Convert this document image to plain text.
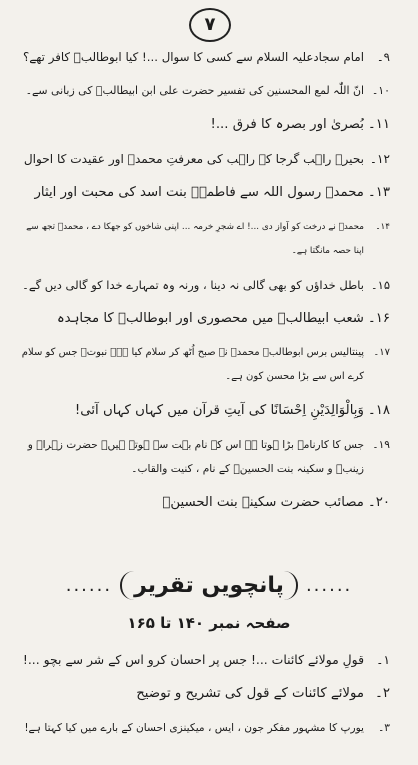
۷
۹۔امام سجادعلیہ السلام سے کسی کا سوال ...! کیا ابوطالبؑ کافر تھے؟
۱۰۔انّ اللّٰہ لمع المحسنین کی تفسیر حضرت علی ابن ابیطالبؑ کی زبانی سے۔
۱۱۔بُصریٰ اور بصرہ کا فرق ...!
۱۲۔بحیرہ راہب گرجا کے راہب کی معرفتِ محمدؐ اور عقیدت کا احوال
۱۳۔محمدؐ رسول اللہ سے فاطمہؑ بنت اسد کی محبت اور ایثار
۱۴۔محمدؐ نے درخت کو آواز دی ...! اے شجرِ خرمہ ... اپنی شاخوں کو جھکا دے ، محمدؐ تجھ سے
اپنا حصہ مانگتا ہے۔
۱۵۔باطل خداؤں کو بھی گالی نہ دینا ، ورنہ وہ تمہارے خدا کو گالی دیں گے۔
۱۶۔شعب ابیطالبؑ میں محصوری اور ابوطالبؑ کا مجاہدہ
۱۷۔پینتالیس برس ابوطالبؑ محمدؐ نے صبح اُٹھ کر سلام کیا ہے۔ نبوتؐ جس کو سلام
کرے اس سے بڑا محسن کون ہے۔
۱۸۔وَبِالْوَالِدَیْنِ اِحْسَانًا کی آیتِ قرآن میں کہاں کہاں آئی!
۱۹۔جس کا کارنامہ بڑا ہوتا ہے اس کے نام بہت سے ہوتے ہیں۔ حضرت زہراؑ و
زینبؑ و سکینہ بنت الحسینؑ کے نام ، کنیت والقاب۔
۲۰۔مصائب حضرت سکینہ بنت الحسینؑ
......
پانچویں تقریر
......
صفحہ نمبر ۱۴۰ تا ۱۶۵
۱۔قولِ مولائے کائنات ...! جس پر احسان کرو اس کے شر سے بچو ...!
۲۔مولائے کائنات کے قول کی تشریح و توضیح
۳۔یورپ کا مشہور مفکر جون ، ایس ، میکینزی احسان کے بارے میں کیا کہتا ہے!
